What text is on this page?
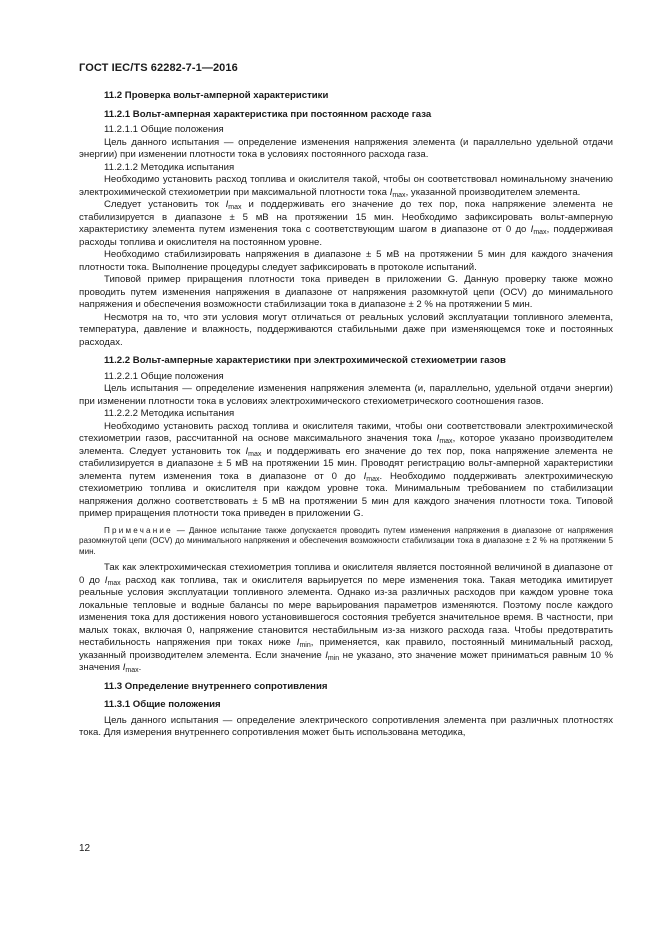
ГОСТ IEC/TS 62282-7-1—2016

11.2 Проверка вольт-амперной характеристики

11.2.1 Вольт-амперная характеристика при постоянном расходе газа

11.2.1.1 Общие положения

Цель данного испытания — определение изменения напряжения элемента (и параллельно удельной отдачи энергии) при изменении плотности тока в условиях постоянного расхода газа.

11.2.1.2 Методика испытания

Необходимо установить расход топлива и окислителя такой, чтобы он соответствовал номинальному значению электрохимической стехиометрии при максимальной плотности тока $I_{max}$, указанной производителем элемента.

Следует установить ток $I_{max}$ и поддерживать его значение до тех пор, пока напряжение элемента не стабилизируется в диапазоне ± 5 мВ на протяжении 15 мин. Необходимо зафиксировать вольт-амперную характеристику элемента путем изменения тока с соответствующим шагом в диапазоне от 0 до $I_{max}$, поддерживая расходы топлива и окислителя на постоянном уровне.

Необходимо стабилизировать напряжения в диапазоне ± 5 мВ на протяжении 5 мин для каждого значения плотности тока. Выполнение процедуры следует зафиксировать в протоколе испытаний.

Типовой пример приращения плотности тока приведен в приложении G. Данную проверку также можно проводить путем изменения напряжения в диапазоне от напряжения разомкнутой цепи (OCV) до минимального напряжения и обеспечения возможности стабилизации тока в диапазоне ± 2 % на протяжении 5 мин.

Несмотря на то, что эти условия могут отличаться от реальных условий эксплуатации топливного элемента, температура, давление и влажность, поддерживаются стабильными даже при изменяющемся токе и постоянных расходах.

11.2.2 Вольт-амперные характеристики при электрохимической стехиометрии газов

11.2.2.1 Общие положения

Цель испытания — определение изменения напряжения элемента (и, параллельно, удельной отдачи энергии) при изменении плотности тока в условиях электрохимического стехиометрического соотношения газов.

11.2.2.2 Методика испытания

Необходимо установить расход топлива и окислителя такими, чтобы они соответствовали электрохимической стехиометрии газов, рассчитанной на основе максимального значения тока $I_{max}$, которое указано производителем элемента. Следует установить ток $I_{max}$ и поддерживать его значение до тех пор, пока напряжение элемента не стабилизируется в диапазоне ± 5 мВ на протяжении 15 мин. Проводят регистрацию вольт-амперной характеристики элемента путем изменения тока в диапазоне от 0 до $I_{max}$. Необходимо поддерживать электрохимическую стехиометрию топлива и окислителя при каждом уровне тока. Минимальным требованием по стабилизации напряжения должно соответствовать ± 5 мВ на протяжении 5 мин для каждого значения плотности тока. Типовой пример приращения плотности тока приведен в приложении G.

Примечание — Данное испытание также допускается проводить путем изменения напряжения в диапазоне от напряжения разомкнутой цепи (OCV) до минимального напряжения и обеспечения возможности стабилизации тока в диапазоне ± 2 % на протяжении 5 мин.

Так как электрохимическая стехиометрия топлива и окислителя является постоянной величиной в диапазоне от 0 до $I_{max}$ расход как топлива, так и окислителя варьируется по мере изменения тока. Такая методика имитирует реальные условия эксплуатации топливного элемента. Однако из-за различных расходов при каждом уровне тока локальные тепловые и водные балансы по мере варьирования параметров изменяются. Поэтому после каждого изменения тока для достижения нового установившегося состояния требуется значительное время. В частности, при малых токах, включая 0, напряжение становится нестабильным из-за низкого расхода газа. Чтобы предотвратить нестабильность напряжения при токах ниже $I_{min}$, применяется, как правило, постоянный минимальный расход, указанный производителем элемента. Если значение $I_{min}$ не указано, это значение может приниматься равным 10 % значения $I_{max}$.

11.3 Определение внутреннего сопротивления

11.3.1 Общие положения

Цель данного испытания — определение электрического сопротивления элемента при различных плотностях тока. Для измерения внутреннего сопротивления может быть использована методика,

12
